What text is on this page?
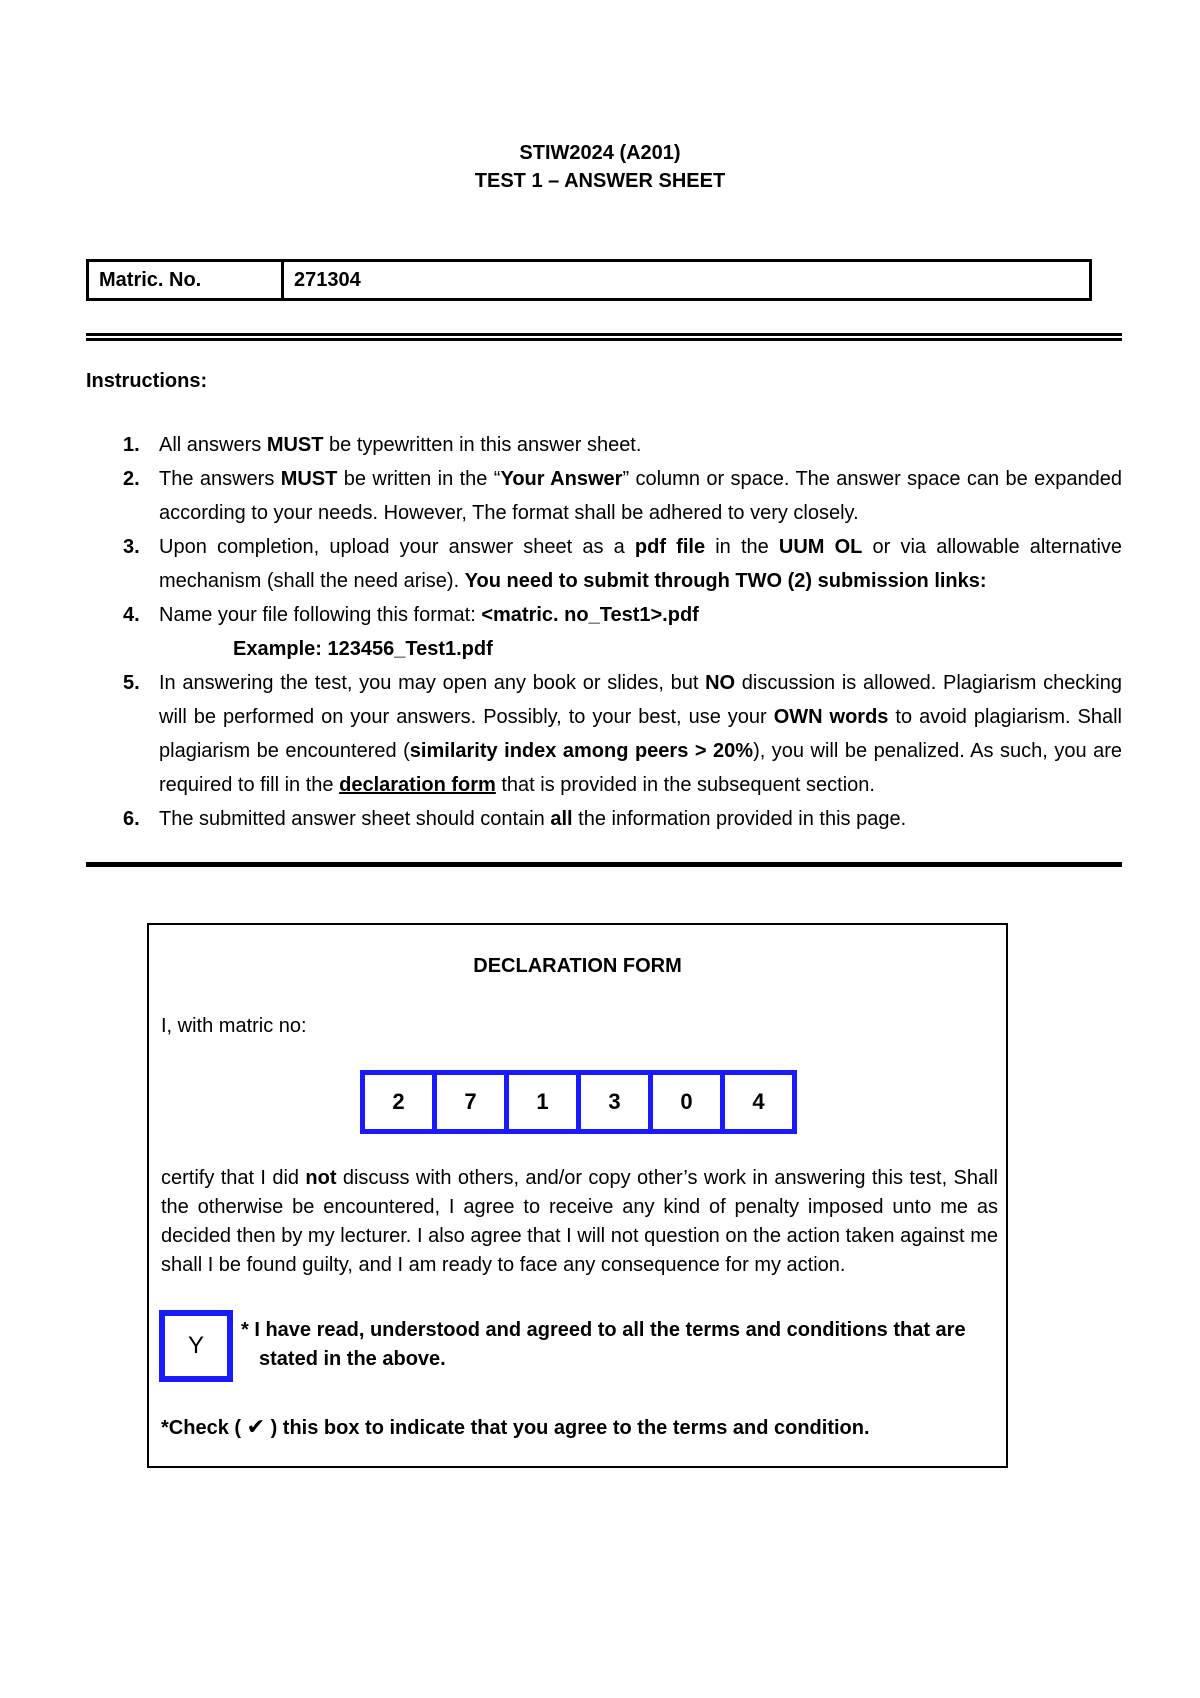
STIW2024 (A201)
TEST 1 – ANSWER SHEET
Matric. No.	271304
Instructions:
1. All answers MUST be typewritten in this answer sheet.
2. The answers MUST be written in the “Your Answer” column or space. The answer space can be expanded according to your needs. However, The format shall be adhered to very closely.
3. Upon completion, upload your answer sheet as a pdf file in the UUM OL or via allowable alternative mechanism (shall the need arise). You need to submit through TWO (2) submission links:
4. Name your file following this format: <matric. no_Test1>.pdf
Example: 123456_Test1.pdf
5. In answering the test, you may open any book or slides, but NO discussion is allowed. Plagiarism checking will be performed on your answers. Possibly, to your best, use your OWN words to avoid plagiarism. Shall plagiarism be encountered (similarity index among peers > 20%), you will be penalized. As such, you are required to fill in the declaration form that is provided in the subsequent section.
6. The submitted answer sheet should contain all the information provided in this page.
DECLARATION FORM
I, with matric no:
2	7	1	3	0	4
certify that I did not discuss with others, and/or copy other’s work in answering this test, Shall the otherwise be encountered, I agree to receive any kind of penalty imposed unto me as decided then by my lecturer. I also agree that I will not question on the action taken against me shall I be found guilty, and I am ready to face any consequence for my action.
Y
* I have read, understood and agreed to all the terms and conditions that are
stated in the above.
*Check ( ✔ ) this box to indicate that you agree to the terms and condition.
